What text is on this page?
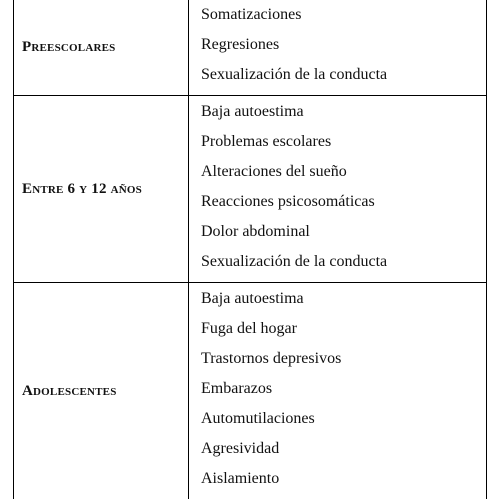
Preescolares
Somatizaciones
Regresiones
Sexualización de la conducta
Entre 6 y 12 años
Baja autoestima
Problemas escolares
Alteraciones del sueño
Reacciones psicosomáticas
Dolor abdominal
Sexualización de la conducta
Adolescentes
Baja autoestima
Fuga del hogar
Trastornos depresivos
Embarazos
Automutilaciones
Agresividad
Aislamiento
